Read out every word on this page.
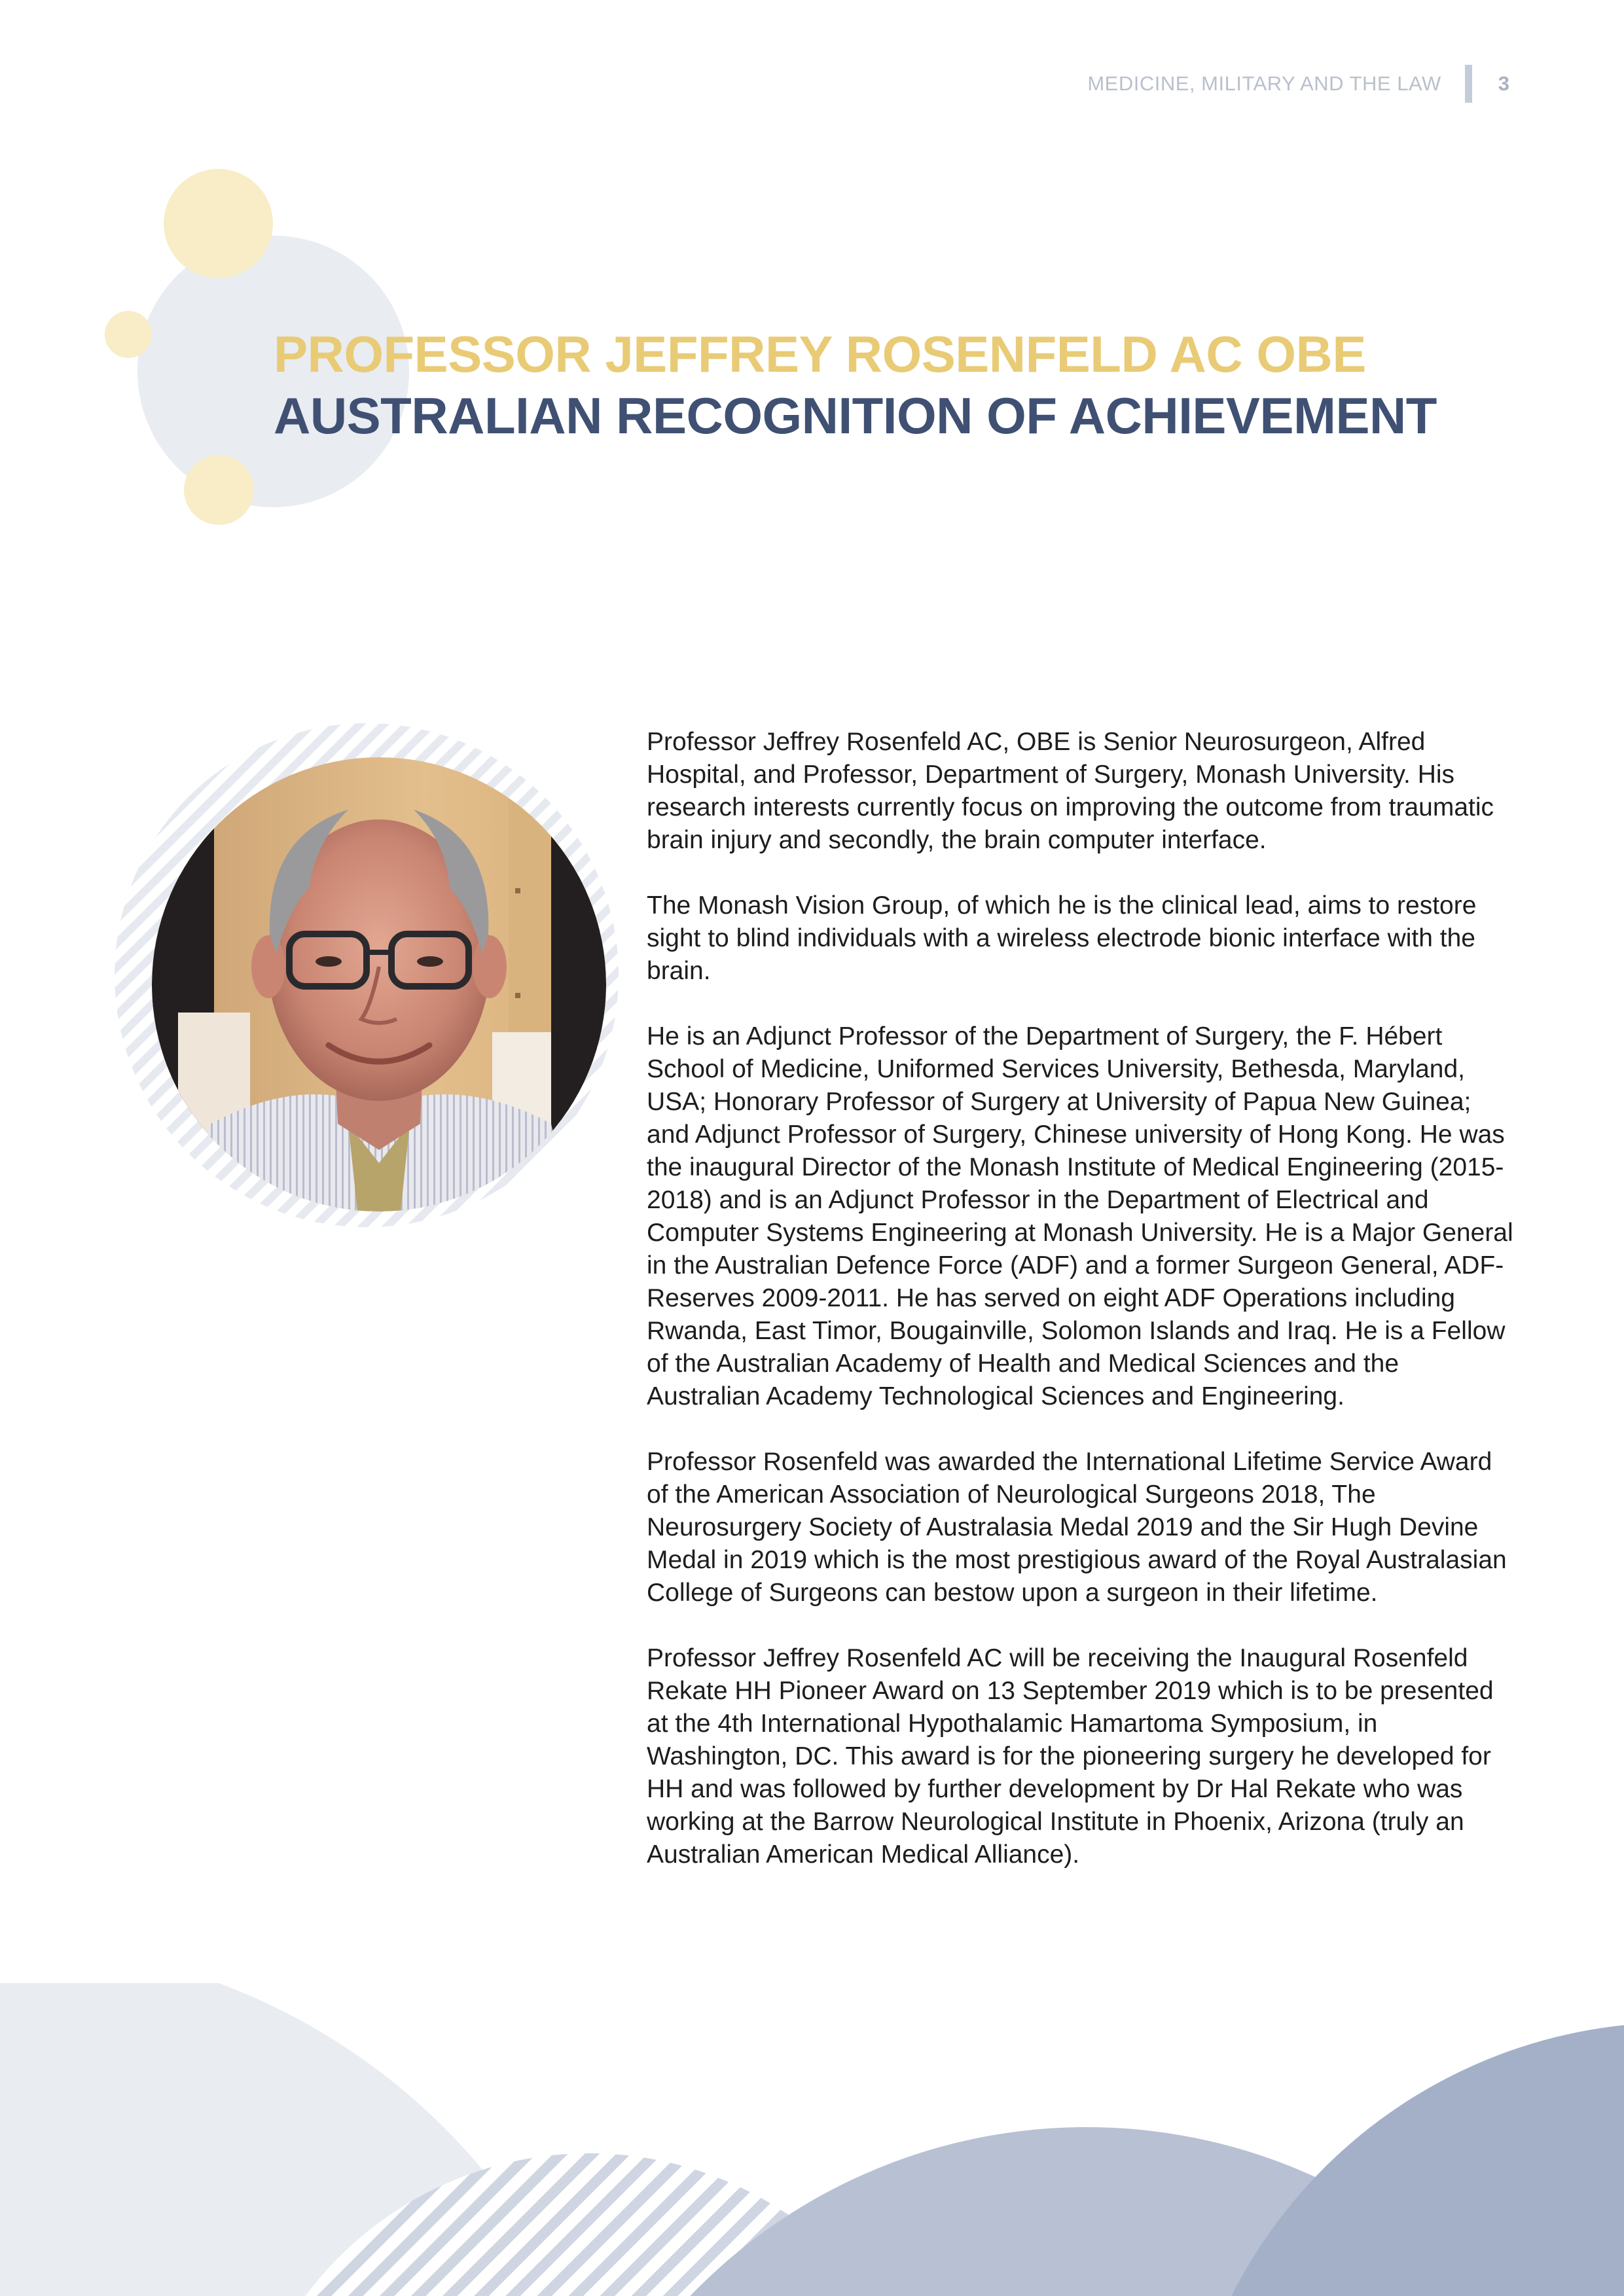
MEDICINE, MILITARY AND THE LAW	3
PROFESSOR JEFFREY ROSENFELD AC OBE
AUSTRALIAN RECOGNITION OF ACHIEVEMENT

Professor Jeffrey Rosenfeld AC, OBE is Senior Neurosurgeon, Alfred Hospital, and Professor, Department of Surgery, Monash University. His research interests currently focus on improving the outcome from traumatic brain injury and secondly, the brain computer interface.

The Monash Vision Group, of which he is the clinical lead, aims to restore sight to blind individuals with a wireless electrode bionic interface with the brain.

He is an Adjunct Professor of the Department of Surgery, the F. Hébert School of Medicine, Uniformed Services University, Bethesda, Maryland, USA; Honorary Professor of Surgery at University of Papua New Guinea; and Adjunct Professor of Surgery, Chinese university of Hong Kong. He was the inaugural Director of the Monash Institute of Medical Engineering (2015-2018) and is an Adjunct Professor in the Department of Electrical and Computer Systems Engineering at Monash University. He is a Major General in the Australian Defence Force (ADF) and a former Surgeon General, ADF-Reserves 2009-2011. He has served on eight ADF Operations including Rwanda, East Timor, Bougainville, Solomon Islands and Iraq. He is a Fellow of the Australian Academy of Health and Medical Sciences and the Australian Academy Technological Sciences and Engineering.

Professor Rosenfeld was awarded the International Lifetime Service Award of the American Association of Neurological Surgeons 2018, The Neurosurgery Society of Australasia Medal 2019 and the Sir Hugh Devine Medal in 2019 which is the most prestigious award of the Royal Australasian College of Surgeons can bestow upon a surgeon in their lifetime.

Professor Jeffrey Rosenfeld AC will be receiving the Inaugural Rosenfeld Rekate HH Pioneer Award on 13 September 2019 which is to be presented at the 4th International Hypothalamic Hamartoma Symposium, in Washington, DC. This award is for the pioneering surgery he developed for HH and was followed by further development by Dr Hal Rekate who was working at the Barrow Neurological Institute in Phoenix, Arizona (truly an Australian American Medical Alliance).
